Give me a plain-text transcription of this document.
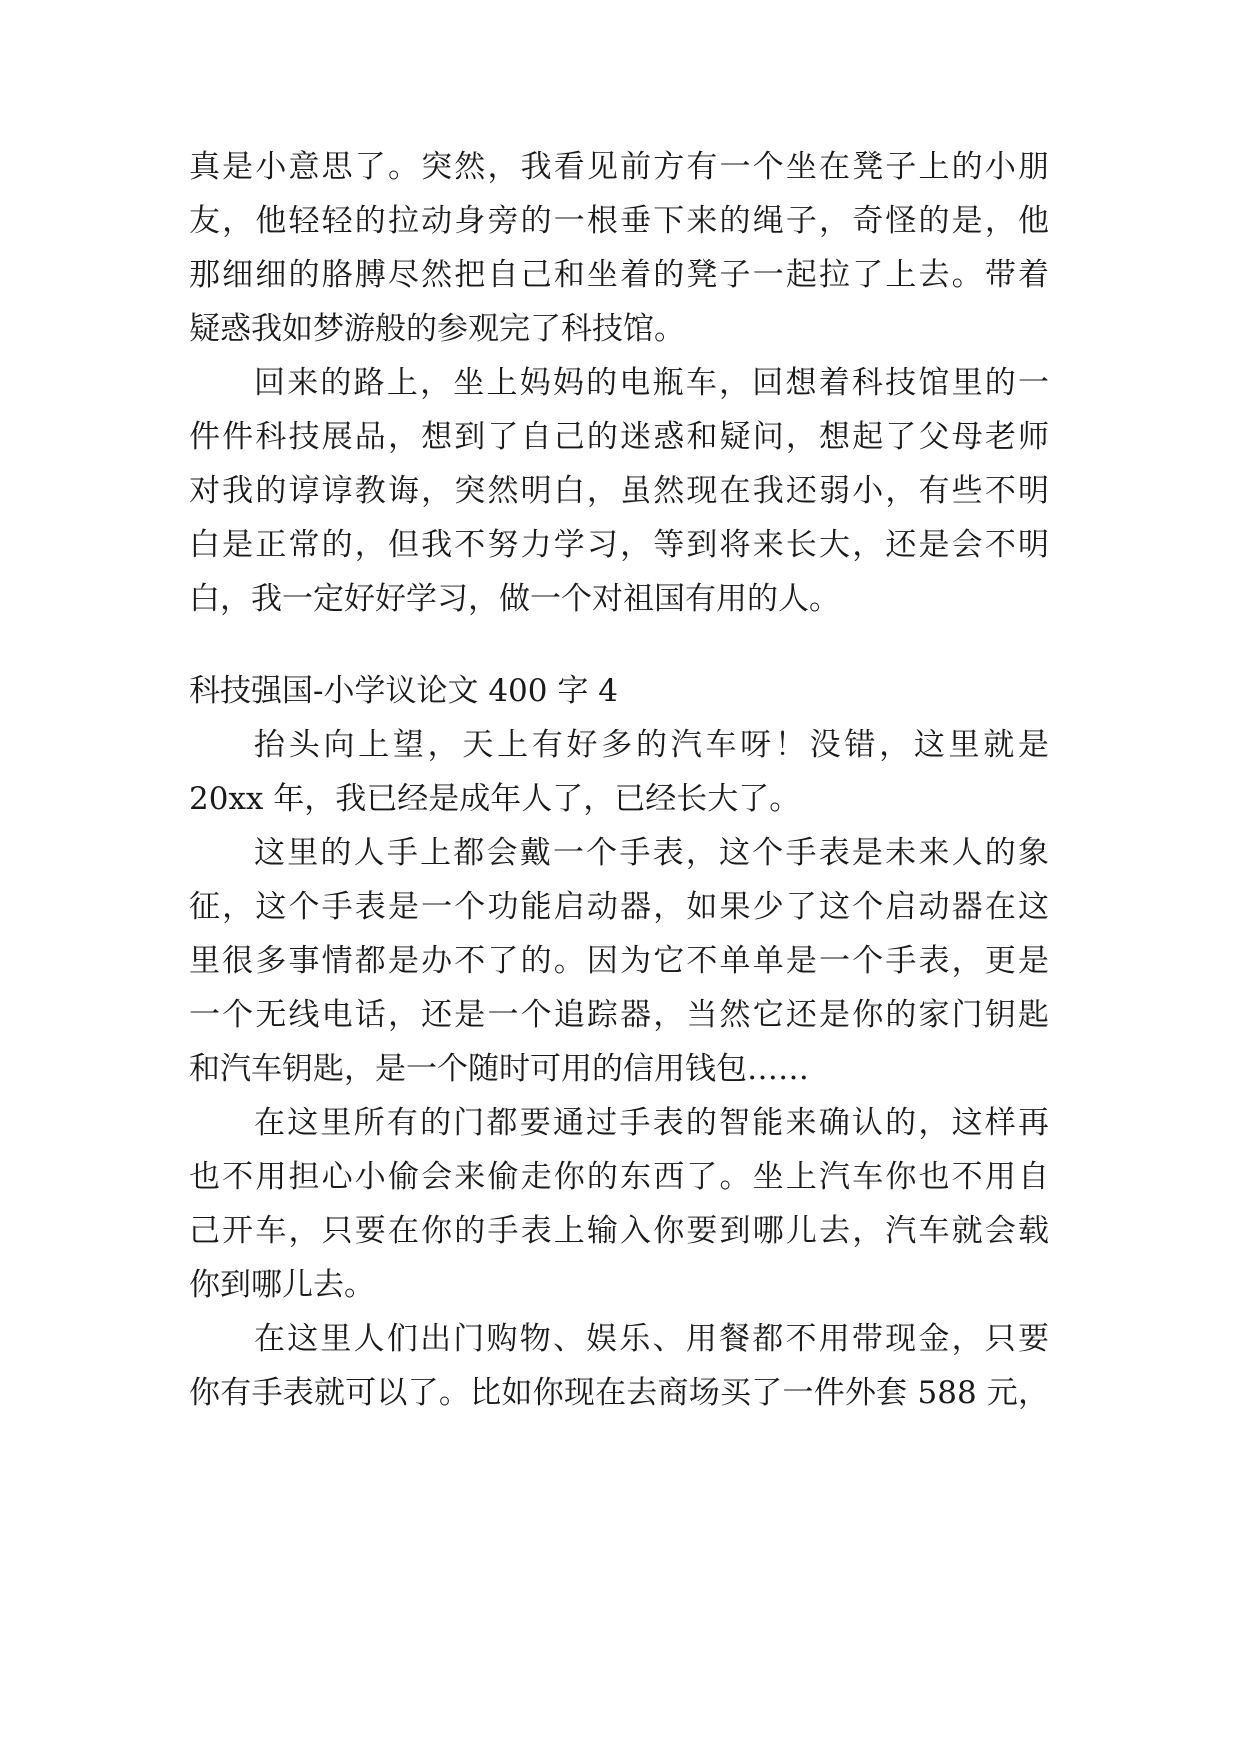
真是小意思了。突然，我看见前方有一个坐在凳子上的小朋
友，他轻轻的拉动身旁的一根垂下来的绳子，奇怪的是，他
那细细的胳膊尽然把自己和坐着的凳子一起拉了上去。带着
疑惑我如梦游般的参观完了科技馆。
回来的路上，坐上妈妈的电瓶车，回想着科技馆里的一
件件科技展品，想到了自己的迷惑和疑问，想起了父母老师
对我的谆谆教诲，突然明白，虽然现在我还弱小，有些不明
白是正常的，但我不努力学习，等到将来长大，还是会不明
白，我一定好好学习，做一个对祖国有用的人。
科技强国-小学议论文 400 字 4
抬头向上望，天上有好多的汽车呀！没错，这里就是
20xx 年，我已经是成年人了，已经长大了。
这里的人手上都会戴一个手表，这个手表是未来人的象
征，这个手表是一个功能启动器，如果少了这个启动器在这
里很多事情都是办不了的。因为它不单单是一个手表，更是
一个无线电话，还是一个追踪器，当然它还是你的家门钥匙
和汽车钥匙，是一个随时可用的信用钱包……
在这里所有的门都要通过手表的智能来确认的，这样再
也不用担心小偷会来偷走你的东西了。坐上汽车你也不用自
己开车，只要在你的手表上输入你要到哪儿去，汽车就会载
你到哪儿去。
在这里人们出门购物、娱乐、用餐都不用带现金，只要
你有手表就可以了。比如你现在去商场买了一件外套 588 元，
